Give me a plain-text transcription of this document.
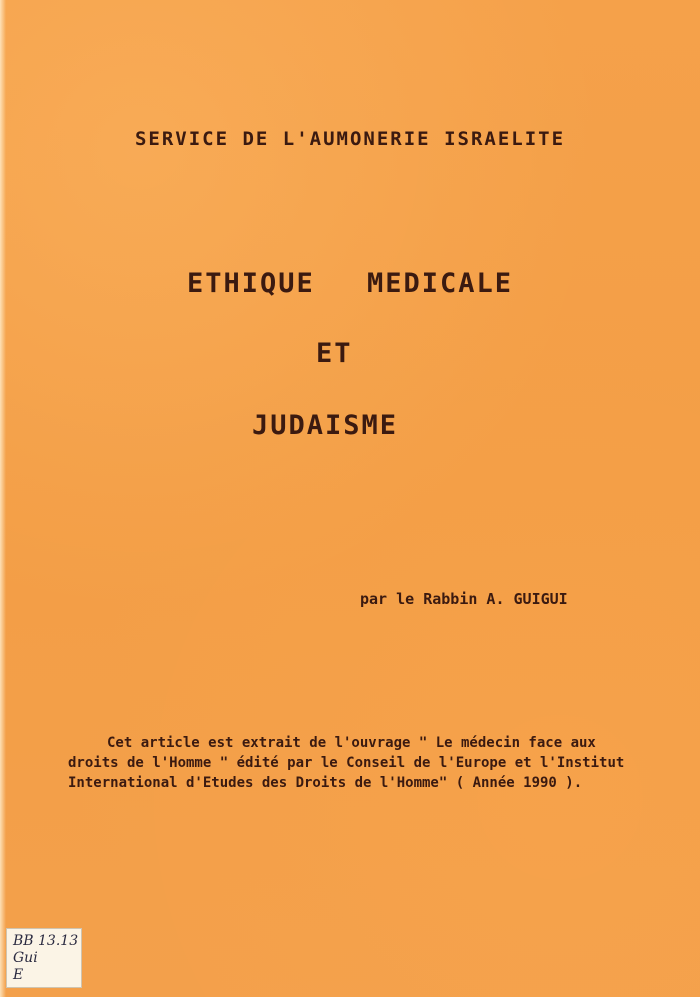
SERVICE DE L'AUMONERIE ISRAELITE
ETHIQUE MEDICALE
ET
JUDAISME
par le Rabbin A. GUIGUI
Cet article est extrait de l'ouvrage " Le médecin face aux
droits de l'Homme " édité par le Conseil de l'Europe et l'Institut
International d'Etudes des Droits de l'Homme" ( Année 1990 ).
BB 13.13
Gui
E
